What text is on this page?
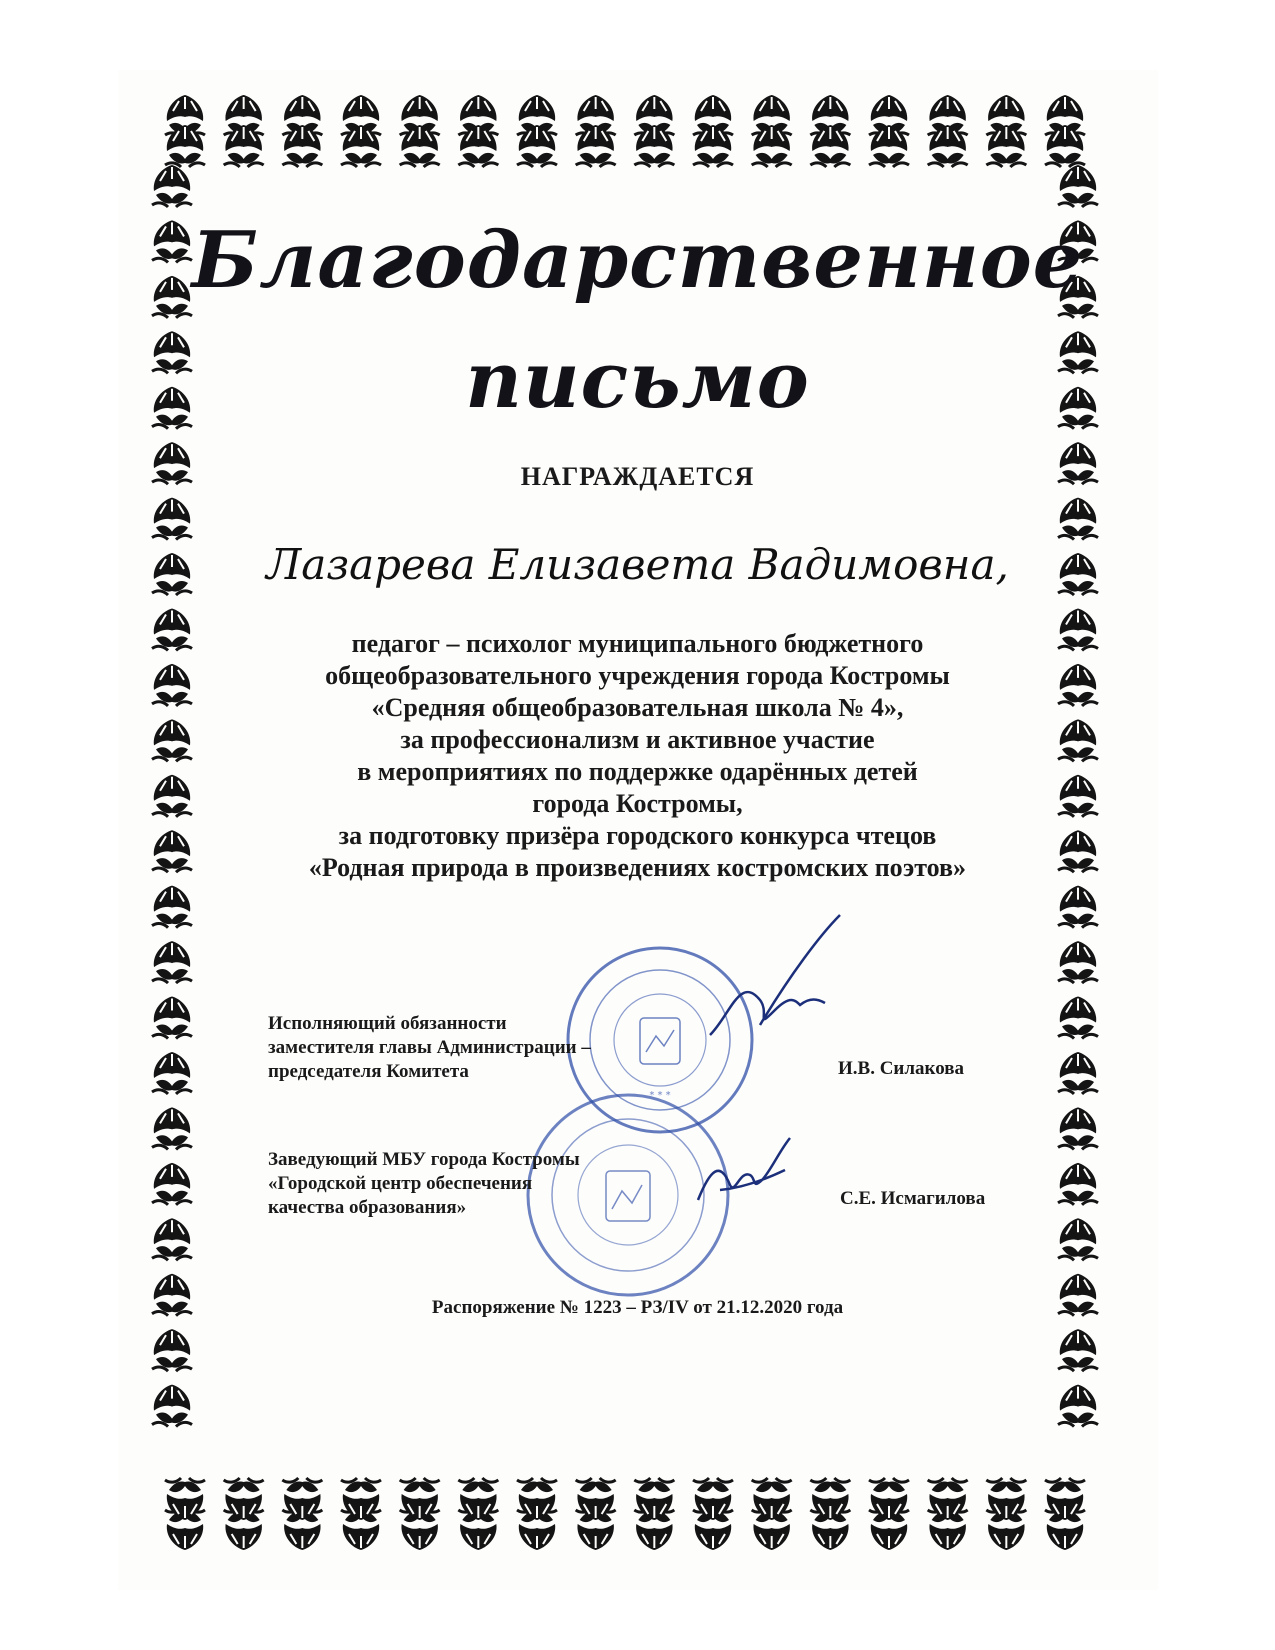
Благодарственное
письмо
НАГРАЖДАЕТСЯ
Лазарева Елизавета Вадимовна,
педагог – психолог муниципального бюджетного
общеобразовательного учреждения города Костромы
«Средняя общеобразовательная школа № 4»,
за профессионализм и активное участие
в мероприятиях по поддержке одарённых детей
города Костромы,
за подготовку призёра городского конкурса чтецов
«Родная природа в произведениях костромских поэтов»
* * *
Исполняющий обязанности
заместителя главы Администрации –
председателя Комитета	И.В. Силакова
Заведующий МБУ города Костромы
«Городской центр обеспечения
качества образования»	С.Е. Исмагилова
Распоряжение № 1223 – РЗ/IV от 21.12.2020 года
